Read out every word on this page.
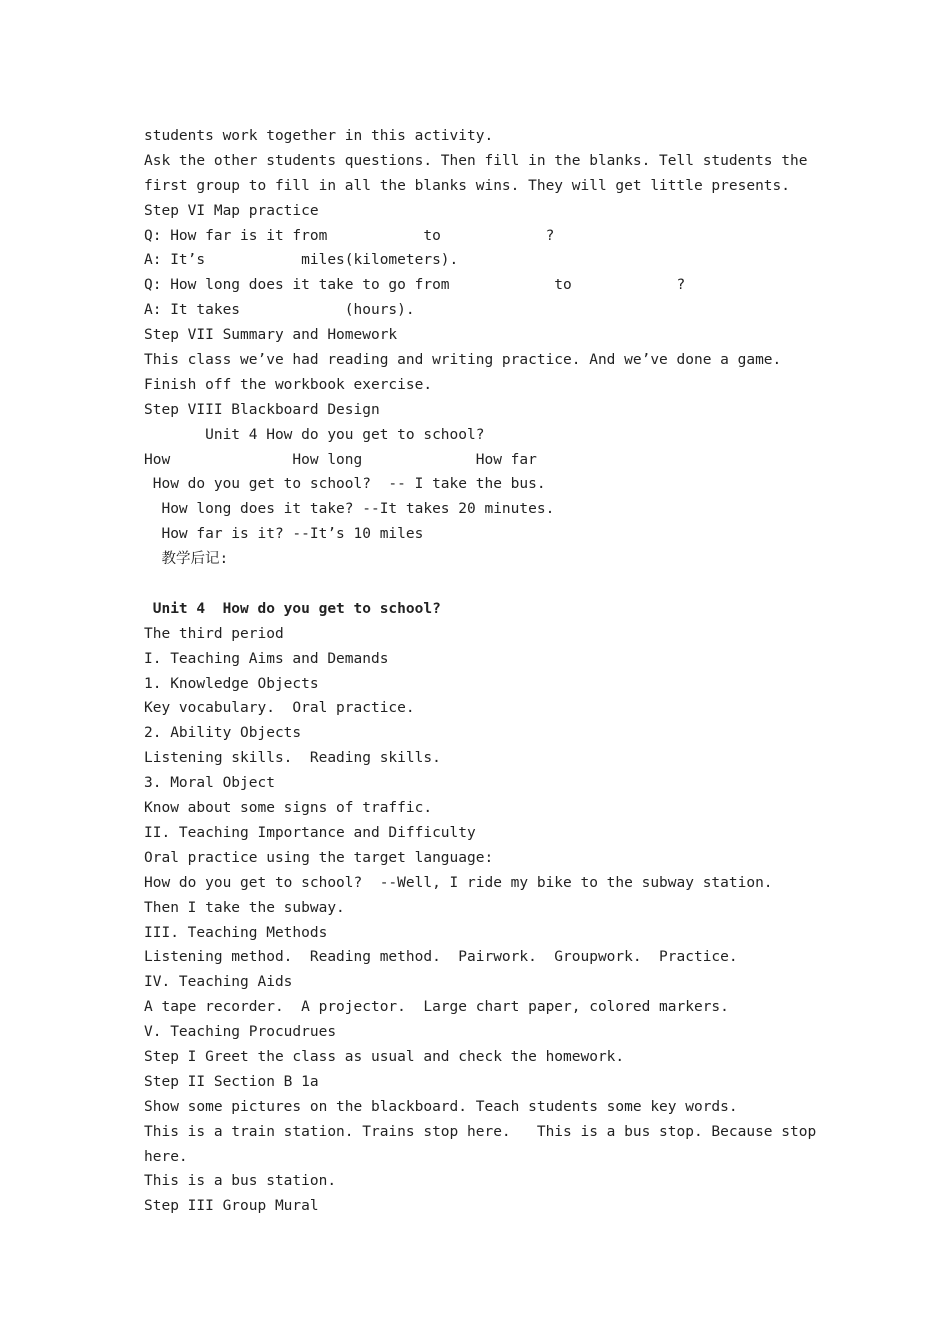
students work together in this activity.
Ask the other students questions. Then fill in the blanks. Tell students the
first group to fill in all the blanks wins. They will get little presents.
Step VI Map practice
Q: How far is it from           to            ?
A: It’s           miles(kilometers).
Q: How long does it take to go from            to            ?
A: It takes            (hours).
Step VII Summary and Homework
This class we’ve had reading and writing practice. And we’ve done a game.
Finish off the workbook exercise.
Step VIII Blackboard Design
Unit 4 How do you get to school?
How              How long             How far
How do you get to school?  -- I take the bus.
How long does it take? --It takes 20 minutes.
How far is it? --It’s 10 miles
教学后记:
Unit 4  How do you get to school?
The third period
I. Teaching Aims and Demands
1. Knowledge Objects
Key vocabulary.  Oral practice.
2. Ability Objects
Listening skills.  Reading skills.
3. Moral Object
Know about some signs of traffic.
II. Teaching Importance and Difficulty
Oral practice using the target language:
How do you get to school?  --Well, I ride my bike to the subway station.
Then I take the subway.
III. Teaching Methods
Listening method.  Reading method.  Pairwork.  Groupwork.  Practice.
IV. Teaching Aids
A tape recorder.  A projector.  Large chart paper, colored markers.
V. Teaching Procudrues
Step I Greet the class as usual and check the homework.
Step II Section B 1a
Show some pictures on the blackboard. Teach students some key words.
This is a train station. Trains stop here.   This is a bus stop. Because stop
here.
This is a bus station.
Step III Group Mural
